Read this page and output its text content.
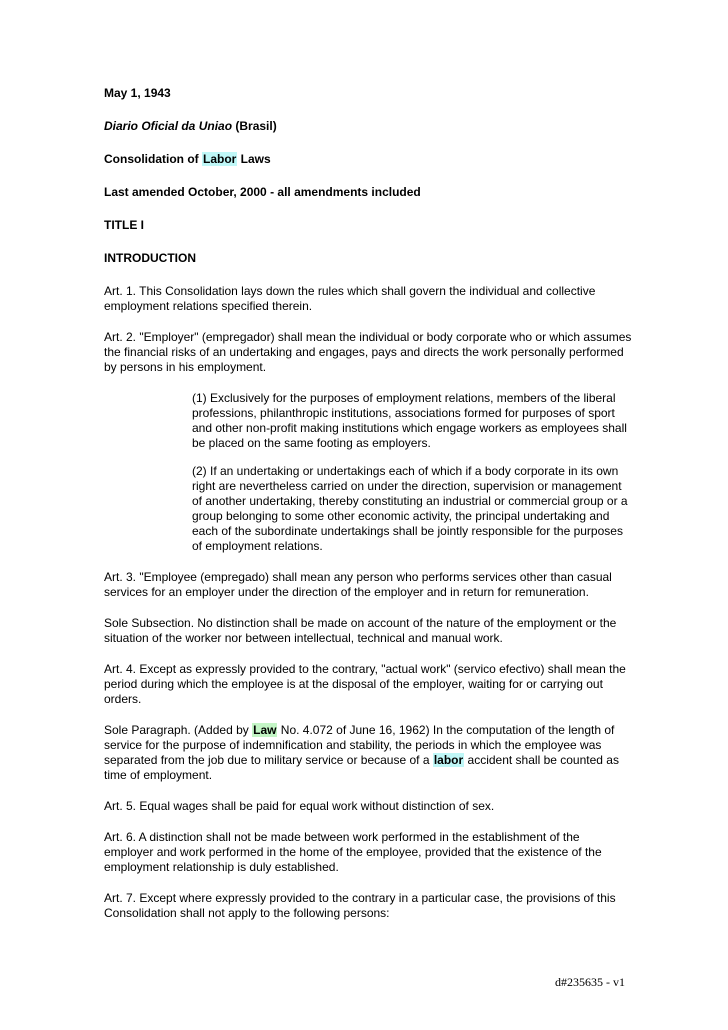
May 1, 1943
Diario Oficial da Uniao (Brasil)
Consolidation of Labor Laws
Last amended October, 2000 - all amendments included
TITLE I
INTRODUCTION

Art. 1. This Consolidation lays down the rules which shall govern the individual and collective employment relations specified therein.

Art. 2. "Employer" (empregador) shall mean the individual or body corporate who or which assumes the financial risks of an undertaking and engages, pays and directs the work personally performed by persons in his employment.

(1) Exclusively for the purposes of employment relations, members of the liberal professions, philanthropic institutions, associations formed for purposes of sport and other non-profit making institutions which engage workers as employees shall be placed on the same footing as employers.

(2) If an undertaking or undertakings each of which if a body corporate in its own right are nevertheless carried on under the direction, supervision or management of another undertaking, thereby constituting an industrial or commercial group or a group belonging to some other economic activity, the principal undertaking and each of the subordinate undertakings shall be jointly responsible for the purposes of employment relations.

Art. 3. "Employee (empregado) shall mean any person who performs services other than casual services for an employer under the direction of the employer and in return for remuneration.

Sole Subsection. No distinction shall be made on account of the nature of the employment or the situation of the worker nor between intellectual, technical and manual work.

Art. 4. Except as expressly provided to the contrary, "actual work" (servico efectivo) shall mean the period during which the employee is at the disposal of the employer, waiting for or carrying out orders.

Sole Paragraph. (Added by Law No. 4.072 of June 16, 1962) In the computation of the length of service for the purpose of indemnification and stability, the periods in which the employee was separated from the job due to military service or because of a labor accident shall be counted as time of employment.

Art. 5. Equal wages shall be paid for equal work without distinction of sex.

Art. 6. A distinction shall not be made between work performed in the establishment of the employer and work performed in the home of the employee, provided that the existence of the employment relationship is duly established.

Art. 7. Except where expressly provided to the contrary in a particular case, the provisions of this Consolidation shall not apply to the following persons:

d#235635 - v1
